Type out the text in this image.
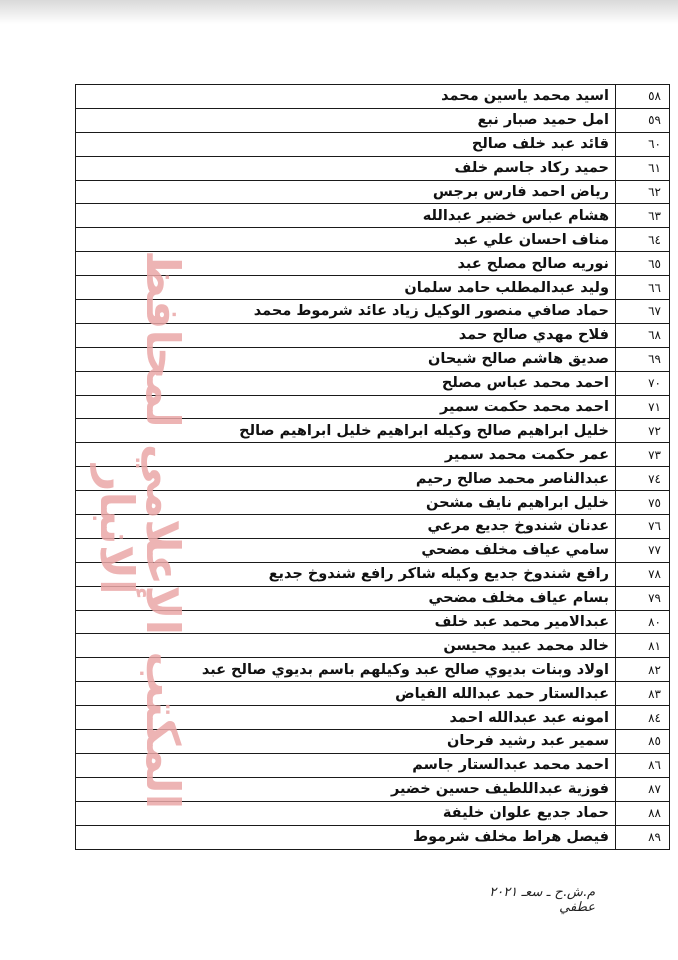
اسيد محمد ياسين محمد	٥٨
امل حميد صبار نبع	٥٩
قائد عبد خلف صالح	٦٠
حميد ركاد جاسم خلف	٦١
رياض احمد فارس برجس	٦٢
هشام عباس خضير عبدالله	٦٣
مناف احسان علي عبد	٦٤
نوريه صالح مصلح عبد	٦٥
وليد عبدالمطلب حامد سلمان	٦٦
حماد صافي منصور الوكيل زياد عائد شرموط محمد	٦٧
فلاح مهدي صالح حمد	٦٨
صديق هاشم صالح شيحان	٦٩
احمد محمد عباس مصلح	٧٠
احمد محمد حكمت سمير	٧١
خليل ابراهيم صالح وكيله ابراهيم خليل ابراهيم صالح	٧٢
عمر حكمت محمد سمير	٧٣
عبدالناصر محمد صالح رحيم	٧٤
خليل ابراهيم نايف مشحن	٧٥
عدنان شندوخ جديع مرعي	٧٦
سامي عياف مخلف مضحي	٧٧
رافع شندوخ جديع وكيله شاكر رافع شندوخ جديع	٧٨
بسام عياف مخلف مضحي	٧٩
عبدالامير محمد عبد خلف	٨٠
خالد محمد عبيد محيسن	٨١
اولاد وبنات بديوي صالح عبد وكيلهم باسم بديوي صالح عبد	٨٢
عبدالستار حمد عبدالله الفياض	٨٣
امونه عبد عبدالله احمد	٨٤
سمير عبد رشيد فرحان	٨٥
احمد محمد عبدالستار جاسم	٨٦
فوزية عبداللطيف حسين خضير	٨٧
حماد جديع علوان خليفة	٨٨
فيصل هراط مخلف شرموط	٨٩
المكتب الإعلامي لمحافظ الانبار
م.ش.ح ـ سعـ ٢٠٢١ عطفي
